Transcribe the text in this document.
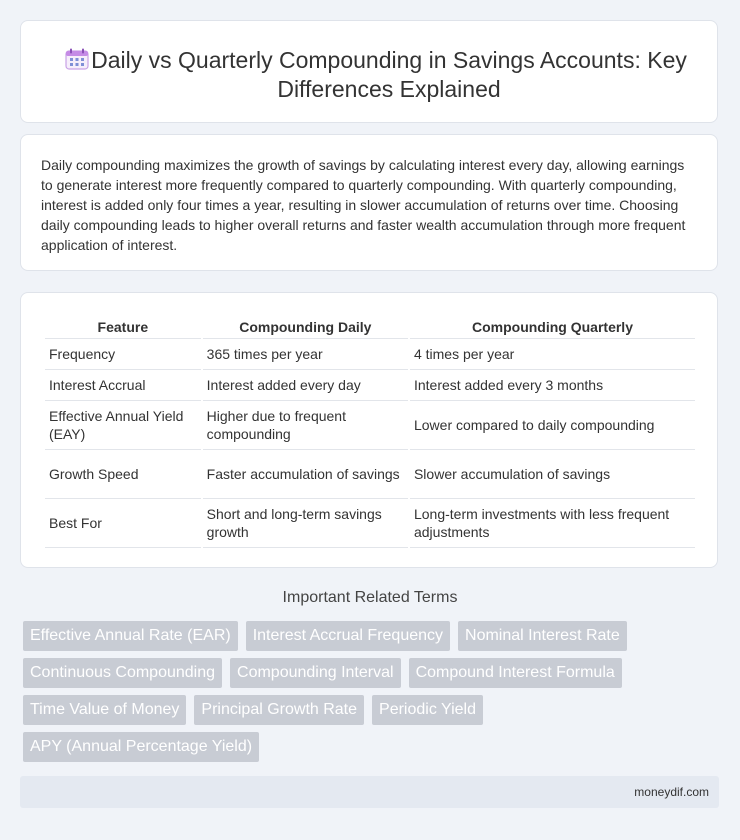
Daily vs Quarterly Compounding in Savings Accounts: Key Differences Explained
Daily compounding maximizes the growth of savings by calculating interest every day, allowing earnings to generate interest more frequently compared to quarterly compounding. With quarterly compounding, interest is added only four times a year, resulting in slower accumulation of returns over time. Choosing daily compounding leads to higher overall returns and faster wealth accumulation through more frequent application of interest.
Feature	Compounding Daily	Compounding Quarterly
Frequency	365 times per year	4 times per year
Interest Accrual	Interest added every day	Interest added every 3 months
Effective Annual Yield (EAY)	Higher due to frequent compounding	Lower compared to daily compounding
Growth Speed	Faster accumulation of savings	Slower accumulation of savings
Best For	Short and long-term savings growth	Long-term investments with less frequent adjustments
Important Related Terms
Effective Annual Rate (EAR)	Interest Accrual Frequency	Nominal Interest Rate
Continuous Compounding	Compounding Interval	Compound Interest Formula
Time Value of Money	Principal Growth Rate	Periodic Yield
APY (Annual Percentage Yield)
moneydif.com
